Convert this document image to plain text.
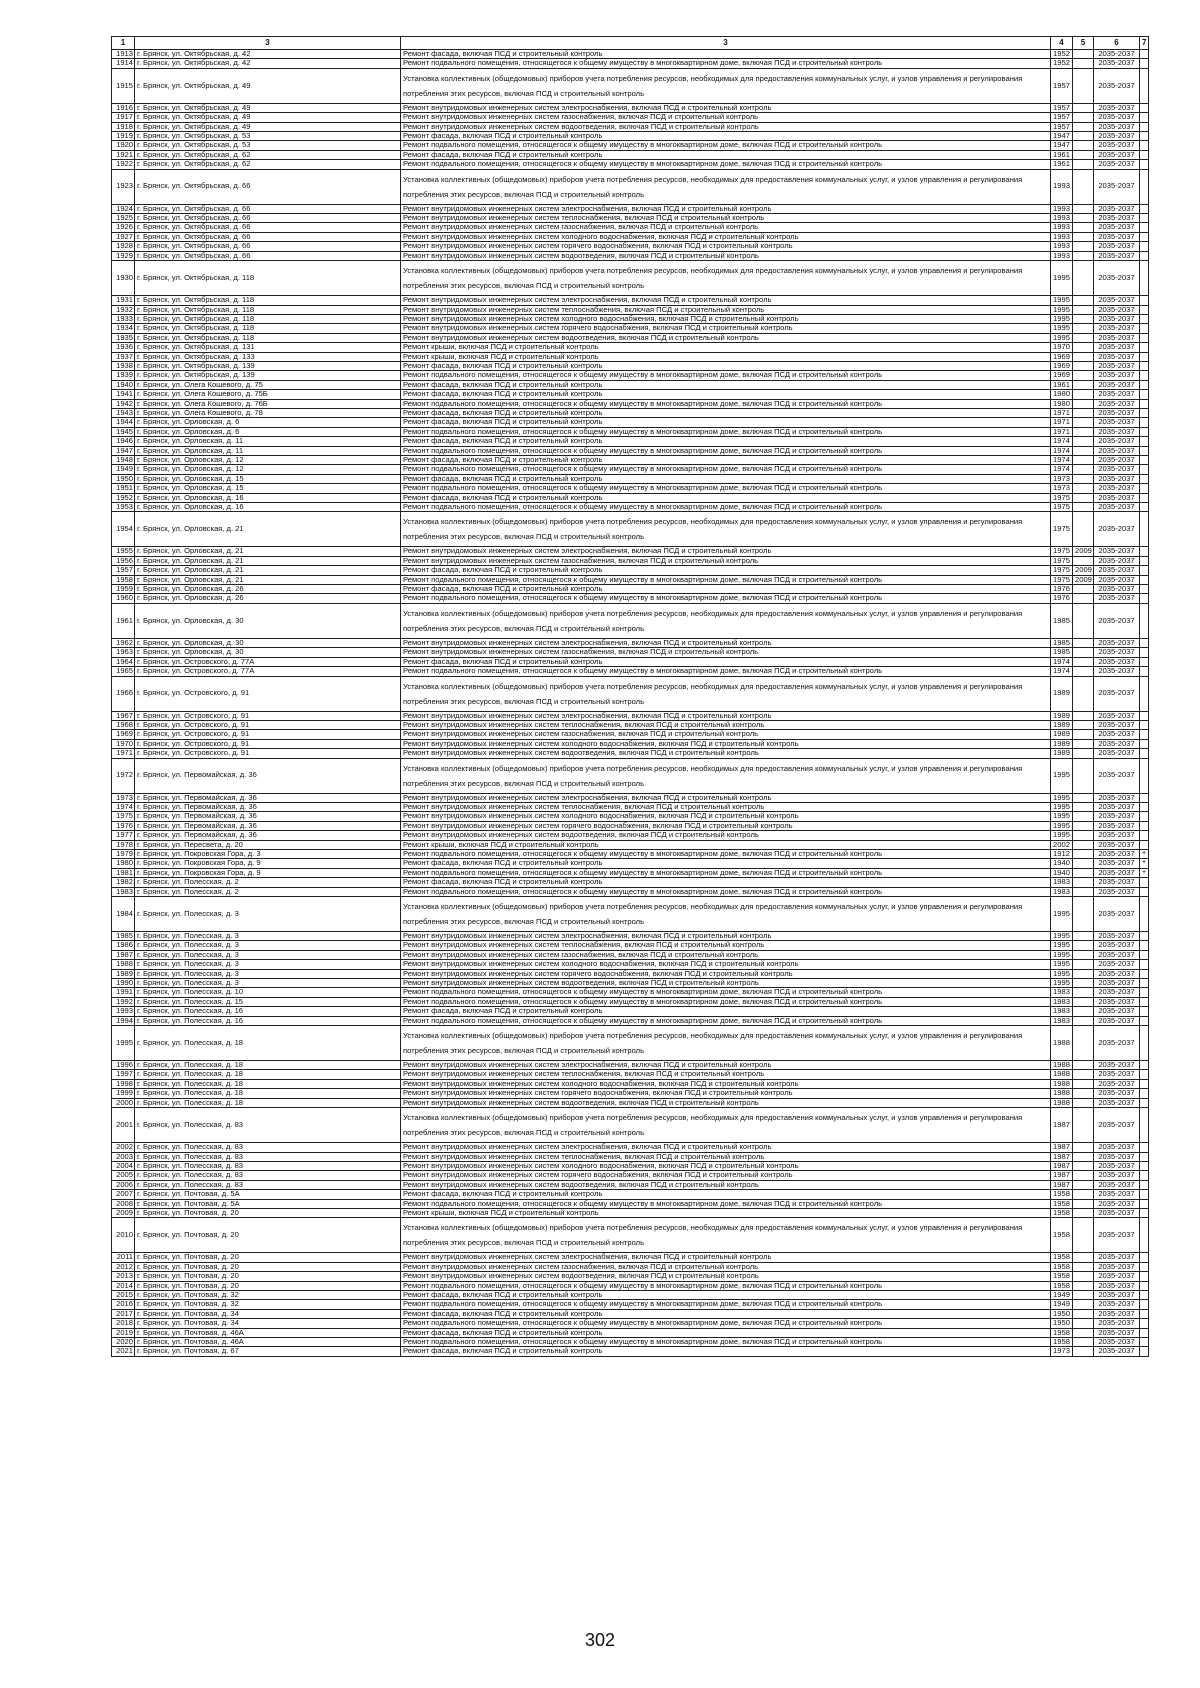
1	3	3	4	5	6	7
1913	г. Брянск, ул. Октябрьская, д. 42	Ремонт фасада, включая ПСД и строительный контроль	1952		2035-2037	
1914	г. Брянск, ул. Октябрьская, д. 42	Ремонт подвального помещения, относящегося к общему имуществу в многоквартирном доме, включая ПСД и строительный контроль	1952		2035-2037	
1915	г. Брянск, ул. Октябрьская, д. 49	Установка коллективных (общедомовых) приборов учета потребления ресурсов, необходимых для предоставления коммунальных услуг, и узлов управления и регулирования потребления этих ресурсов, включая ПСД и строительный контроль	1957		2035-2037	
1916	г. Брянск, ул. Октябрьская, д. 49	Ремонт внутридомовых инженерных систем электроснабжения, включая ПСД и строительный контроль	1957		2035-2037	
1917	г. Брянск, ул. Октябрьская, д. 49	Ремонт внутридомовых инженерных систем газоснабжения, включая ПСД и строительный контроль	1957		2035-2037	
1918	г. Брянск, ул. Октябрьская, д. 49	Ремонт внутридомовых инженерных систем водоотведения, включая ПСД и строительный контроль	1957		2035-2037	
1919	г. Брянск, ул. Октябрьская, д. 53	Ремонт фасада, включая ПСД и строительный контроль	1947		2035-2037	
1920	г. Брянск, ул. Октябрьская, д. 53	Ремонт подвального помещения, относящегося к общему имуществу в многоквартирном доме, включая ПСД и строительный контроль	1947		2035-2037	
1921	г. Брянск, ул. Октябрьская, д. 62	Ремонт фасада, включая ПСД и строительный контроль	1961		2035-2037	
1922	г. Брянск, ул. Октябрьская, д. 62	Ремонт подвального помещения, относящегося к общему имуществу в многоквартирном доме, включая ПСД и строительный контроль	1961		2035-2037	
1923	г. Брянск, ул. Октябрьская, д. 66	Установка коллективных (общедомовых) приборов учета потребления ресурсов, необходимых для предоставления коммунальных услуг, и узлов управления и регулирования потребления этих ресурсов, включая ПСД и строительный контроль	1993		2035-2037	
1924	г. Брянск, ул. Октябрьская, д. 66	Ремонт внутридомовых инженерных систем электроснабжения, включая ПСД и строительный контроль	1993		2035-2037	
1925	г. Брянск, ул. Октябрьская, д. 66	Ремонт внутридомовых инженерных систем теплоснабжения, включая ПСД и строительный контроль	1993		2035-2037	
1926	г. Брянск, ул. Октябрьская, д. 66	Ремонт внутридомовых инженерных систем газоснабжения, включая ПСД и строительный контроль	1993		2035-2037	
1927	г. Брянск, ул. Октябрьская, д. 66	Ремонт внутридомовых инженерных систем холодного водоснабжения, включая ПСД и строительный контроль	1993		2035-2037	
1928	г. Брянск, ул. Октябрьская, д. 66	Ремонт внутридомовых инженерных систем горячего водоснабжения, включая ПСД и строительный контроль	1993		2035-2037	
1929	г. Брянск, ул. Октябрьская, д. 66	Ремонт внутридомовых инженерных систем водоотведения, включая ПСД и строительный контроль	1993		2035-2037	
1930	г. Брянск, ул. Октябрьская, д. 118	Установка коллективных (общедомовых) приборов учета потребления ресурсов, необходимых для предоставления коммунальных услуг, и узлов управления и регулирования потребления этих ресурсов, включая ПСД и строительный контроль	1995		2035-2037	
1931	г. Брянск, ул. Октябрьская, д. 118	Ремонт внутридомовых инженерных систем электроснабжения, включая ПСД и строительный контроль	1995		2035-2037	
1932	г. Брянск, ул. Октябрьская, д. 118	Ремонт внутридомовых инженерных систем теплоснабжения, включая ПСД и строительный контроль	1995		2035-2037	
1933	г. Брянск, ул. Октябрьская, д. 118	Ремонт внутридомовых инженерных систем холодного водоснабжения, включая ПСД и строительный контроль	1995		2035-2037	
1934	г. Брянск, ул. Октябрьская, д. 118	Ремонт внутридомовых инженерных систем горячего водоснабжения, включая ПСД и строительный контроль	1995		2035-2037	
1935	г. Брянск, ул. Октябрьская, д. 118	Ремонт внутридомовых инженерных систем водоотведения, включая ПСД и строительный контроль	1995		2035-2037	
1936	г. Брянск, ул. Октябрьская, д. 131	Ремонт крыши, включая ПСД и строительный контроль	1970		2035-2037	
1937	г. Брянск, ул. Октябрьская, д. 133	Ремонт крыши, включая ПСД и строительный контроль	1969		2035-2037	
1938	г. Брянск, ул. Октябрьская, д. 139	Ремонт фасада, включая ПСД и строительный контроль	1969		2035-2037	
1939	г. Брянск, ул. Октябрьская, д. 139	Ремонт подвального помещения, относящегося к общему имуществу в многоквартирном доме, включая ПСД и строительный контроль	1969		2035-2037	
1940	г. Брянск, ул. Олега Кошевого, д. 75	Ремонт фасада, включая ПСД и строительный контроль	1961		2035-2037	
1941	г. Брянск, ул. Олега Кошевого, д. 75Б	Ремонт фасада, включая ПСД и строительный контроль	1980		2035-2037	
1942	г. Брянск, ул. Олега Кошевого, д. 76Б	Ремонт подвального помещения, относящегося к общему имуществу в многоквартирном доме, включая ПСД и строительный контроль	1980		2035-2037	
1943	г. Брянск, ул. Олега Кошевого, д. 78	Ремонт фасада, включая ПСД и строительный контроль	1971		2035-2037	
1944	г. Брянск, ул. Орловская, д. 6	Ремонт фасада, включая ПСД и строительный контроль	1971		2035-2037	
1945	г. Брянск, ул. Орловская, д. 6	Ремонт подвального помещения, относящегося к общему имуществу в многоквартирном доме, включая ПСД и строительный контроль	1971		2035-2037	
1946	г. Брянск, ул. Орловская, д. 11	Ремонт фасада, включая ПСД и строительный контроль	1974		2035-2037	
1947	г. Брянск, ул. Орловская, д. 11	Ремонт подвального помещения, относящегося к общему имуществу в многоквартирном доме, включая ПСД и строительный контроль	1974		2035-2037	
1948	г. Брянск, ул. Орловская, д. 12	Ремонт фасада, включая ПСД и строительный контроль	1974		2035-2037	
1949	г. Брянск, ул. Орловская, д. 12	Ремонт подвального помещения, относящегося к общему имуществу в многоквартирном доме, включая ПСД и строительный контроль	1974		2035-2037	
1950	г. Брянск, ул. Орловская, д. 15	Ремонт фасада, включая ПСД и строительный контроль	1973		2035-2037	
1951	г. Брянск, ул. Орловская, д. 15	Ремонт подвального помещения, относящегося к общему имуществу в многоквартирном доме, включая ПСД и строительный контроль	1973		2035-2037	
1952	г. Брянск, ул. Орловская, д. 16	Ремонт фасада, включая ПСД и строительный контроль	1975		2035-2037	
1953	г. Брянск, ул. Орловская, д. 16	Ремонт подвального помещения, относящегося к общему имуществу в многоквартирном доме, включая ПСД и строительный контроль	1975		2035-2037	
1954	г. Брянск, ул. Орловская, д. 21	Установка коллективных (общедомовых) приборов учета потребления ресурсов, необходимых для предоставления коммунальных услуг, и узлов управления и регулирования потребления этих ресурсов, включая ПСД и строительный контроль	1975		2035-2037	
1955	г. Брянск, ул. Орловская, д. 21	Ремонт внутридомовых инженерных систем электроснабжения, включая ПСД и строительный контроль	1975	2009	2035-2037	
1956	г. Брянск, ул. Орловская, д. 21	Ремонт внутридомовых инженерных систем газоснабжения, включая ПСД и строительный контроль	1975		2035-2037	
1957	г. Брянск, ул. Орловская, д. 21	Ремонт фасада, включая ПСД и строительный контроль	1975	2009	2035-2037	
1958	г. Брянск, ул. Орловская, д. 21	Ремонт подвального помещения, относящегося к общему имуществу в многоквартирном доме, включая ПСД и строительный контроль	1975	2009	2035-2037	
1959	г. Брянск, ул. Орловская, д. 26	Ремонт фасада, включая ПСД и строительный контроль	1976		2035-2037	
1960	г. Брянск, ул. Орловская, д. 26	Ремонт подвального помещения, относящегося к общему имуществу в многоквартирном доме, включая ПСД и строительный контроль	1976		2035-2037	
1961	г. Брянск, ул. Орловская, д. 30	Установка коллективных (общедомовых) приборов учета потребления ресурсов, необходимых для предоставления коммунальных услуг, и узлов управления и регулирования потребления этих ресурсов, включая ПСД и строительный контроль	1985		2035-2037	
1962	г. Брянск, ул. Орловская, д. 30	Ремонт внутридомовых инженерных систем электроснабжения, включая ПСД и строительный контроль	1985		2035-2037	
1963	г. Брянск, ул. Орловская, д. 30	Ремонт внутридомовых инженерных систем газоснабжения, включая ПСД и строительный контроль	1985		2035-2037	
1964	г. Брянск, ул. Островского, д. 77А	Ремонт фасада, включая ПСД и строительный контроль	1974		2035-2037	
1965	г. Брянск, ул. Островского, д. 77А	Ремонт подвального помещения, относящегося к общему имуществу в многоквартирном доме, включая ПСД и строительный контроль	1974		2035-2037	
1966	г. Брянск, ул. Островского, д. 91	Установка коллективных (общедомовых) приборов учета потребления ресурсов, необходимых для предоставления коммунальных услуг, и узлов управления и регулирования потребления этих ресурсов, включая ПСД и строительный контроль	1989		2035-2037	
1967	г. Брянск, ул. Островского, д. 91	Ремонт внутридомовых инженерных систем электроснабжения, включая ПСД и строительный контроль	1989		2035-2037	
1968	г. Брянск, ул. Островского, д. 91	Ремонт внутридомовых инженерных систем теплоснабжения, включая ПСД и строительный контроль	1989		2035-2037	
1969	г. Брянск, ул. Островского, д. 91	Ремонт внутридомовых инженерных систем газоснабжения, включая ПСД и строительный контроль	1989		2035-2037	
1970	г. Брянск, ул. Островского, д. 91	Ремонт внутридомовых инженерных систем холодного водоснабжения, включая ПСД и строительный контроль	1989		2035-2037	
1971	г. Брянск, ул. Островского, д. 91	Ремонт внутридомовых инженерных систем водоотведения, включая ПСД и строительный контроль	1989		2035-2037	
1972	г. Брянск, ул. Первомайская, д. 36	Установка коллективных (общедомовых) приборов учета потребления ресурсов, необходимых для предоставления коммунальных услуг, и узлов управления и регулирования потребления этих ресурсов, включая ПСД и строительный контроль	1995		2035-2037	
1973	г. Брянск, ул. Первомайская, д. 36	Ремонт внутридомовых инженерных систем электроснабжения, включая ПСД и строительный контроль	1995		2035-2037	
1974	г. Брянск, ул. Первомайская, д. 36	Ремонт внутридомовых инженерных систем теплоснабжения, включая ПСД и строительный контроль	1995		2035-2037	
1975	г. Брянск, ул. Первомайская, д. 36	Ремонт внутридомовых инженерных систем холодного водоснабжения, включая ПСД и строительный контроль	1995		2035-2037	
1976	г. Брянск, ул. Первомайская, д. 36	Ремонт внутридомовых инженерных систем горячего водоснабжения, включая ПСД и строительный контроль	1995		2035-2037	
1977	г. Брянск, ул. Первомайская, д. 36	Ремонт внутридомовых инженерных систем водоотведения, включая ПСД и строительный контроль	1995		2035-2037	
1978	г. Брянск, ул. Пересвета, д. 20	Ремонт крыши, включая ПСД и строительный контроль	2002		2035-2037	
1979	г. Брянск, ул. Покровская Гора, д. 3	Ремонт подвального помещения, относящегося к общему имуществу в многоквартирном доме, включая ПСД и строительный контроль	1912		2035-2037	+
1980	г. Брянск, ул. Покровская Гора, д. 9	Ремонт фасада, включая ПСД и строительный контроль	1940		2035-2037	+
1981	г. Брянск, ул. Покровская Гора, д. 9	Ремонт подвального помещения, относящегося к общему имуществу в многоквартирном доме, включая ПСД и строительный контроль	1940		2035-2037	+
1982	г. Брянск, ул. Полесская, д. 2	Ремонт фасада, включая ПСД и строительный контроль	1983		2035-2037	
1983	г. Брянск, ул. Полесская, д. 2	Ремонт подвального помещения, относящегося к общему имуществу в многоквартирном доме, включая ПСД и строительный контроль	1983		2035-2037	
1984	г. Брянск, ул. Полесская, д. 3	Установка коллективных (общедомовых) приборов учета потребления ресурсов, необходимых для предоставления коммунальных услуг, и узлов управления и регулирования потребления этих ресурсов, включая ПСД и строительный контроль	1995		2035-2037	
1985	г. Брянск, ул. Полесская, д. 3	Ремонт внутридомовых инженерных систем электроснабжения, включая ПСД и строительный контроль	1995		2035-2037	
1986	г. Брянск, ул. Полесская, д. 3	Ремонт внутридомовых инженерных систем теплоснабжения, включая ПСД и строительный контроль	1995		2035-2037	
1987	г. Брянск, ул. Полесская, д. 3	Ремонт внутридомовых инженерных систем газоснабжения, включая ПСД и строительный контроль	1995		2035-2037	
1988	г. Брянск, ул. Полесская, д. 3	Ремонт внутридомовых инженерных систем холодного водоснабжения, включая ПСД и строительный контроль	1995		2035-2037	
1989	г. Брянск, ул. Полесская, д. 3	Ремонт внутридомовых инженерных систем горячего водоснабжения, включая ПСД и строительный контроль	1995		2035-2037	
1990	г. Брянск, ул. Полесская, д. 3	Ремонт внутридомовых инженерных систем водоотведения, включая ПСД и строительный контроль	1995		2035-2037	
1991	г. Брянск, ул. Полесская, д. 10	Ремонт подвального помещения, относящегося к общему имуществу в многоквартирном доме, включая ПСД и строительный контроль	1983		2035-2037	
1992	г. Брянск, ул. Полесская, д. 15	Ремонт подвального помещения, относящегося к общему имуществу в многоквартирном доме, включая ПСД и строительный контроль	1983		2035-2037	
1993	г. Брянск, ул. Полесская, д. 16	Ремонт фасада, включая ПСД и строительный контроль	1983		2035-2037	
1994	г. Брянск, ул. Полесская, д. 16	Ремонт подвального помещения, относящегося к общему имуществу в многоквартирном доме, включая ПСД и строительный контроль	1983		2035-2037	
1995	г. Брянск, ул. Полесская, д. 18	Установка коллективных (общедомовых) приборов учета потребления ресурсов, необходимых для предоставления коммунальных услуг, и узлов управления и регулирования потребления этих ресурсов, включая ПСД и строительный контроль	1988		2035-2037	
1996	г. Брянск, ул. Полесская, д. 18	Ремонт внутридомовых инженерных систем электроснабжения, включая ПСД и строительный контроль	1988		2035-2037	
1997	г. Брянск, ул. Полесская, д. 18	Ремонт внутридомовых инженерных систем теплоснабжения, включая ПСД и строительный контроль	1988		2035-2037	
1998	г. Брянск, ул. Полесская, д. 18	Ремонт внутридомовых инженерных систем холодного водоснабжения, включая ПСД и строительный контроль	1988		2035-2037	
1999	г. Брянск, ул. Полесская, д. 18	Ремонт внутридомовых инженерных систем горячего водоснабжения, включая ПСД и строительный контроль	1988		2035-2037	
2000	г. Брянск, ул. Полесская, д. 18	Ремонт внутридомовых инженерных систем водоотведения, включая ПСД и строительный контроль	1988		2035-2037	
2001	г. Брянск, ул. Полесская, д. 83	Установка коллективных (общедомовых) приборов учета потребления ресурсов, необходимых для предоставления коммунальных услуг, и узлов управления и регулирования потребления этих ресурсов, включая ПСД и строительный контроль	1987		2035-2037	
2002	г. Брянск, ул. Полесская, д. 83	Ремонт внутридомовых инженерных систем электроснабжения, включая ПСД и строительный контроль	1987		2035-2037	
2003	г. Брянск, ул. Полесская, д. 83	Ремонт внутридомовых инженерных систем теплоснабжения, включая ПСД и строительный контроль	1987		2035-2037	
2004	г. Брянск, ул. Полесская, д. 83	Ремонт внутридомовых инженерных систем холодного водоснабжения, включая ПСД и строительный контроль	1987		2035-2037	
2005	г. Брянск, ул. Полесская, д. 83	Ремонт внутридомовых инженерных систем горячего водоснабжения, включая ПСД и строительный контроль	1987		2035-2037	
2006	г. Брянск, ул. Полесская, д. 83	Ремонт внутридомовых инженерных систем водоотведения, включая ПСД и строительный контроль	1987		2035-2037	
2007	г. Брянск, ул. Почтовая, д. 5А	Ремонт фасада, включая ПСД и строительный контроль	1958		2035-2037	
2008	г. Брянск, ул. Почтовая, д. 5А	Ремонт подвального помещения, относящегося к общему имуществу в многоквартирном доме, включая ПСД и строительный контроль	1958		2035-2037	
2009	г. Брянск, ул. Почтовая, д. 20	Ремонт крыши, включая ПСД и строительный контроль	1958		2035-2037	
2010	г. Брянск, ул. Почтовая, д. 20	Установка коллективных (общедомовых) приборов учета потребления ресурсов, необходимых для предоставления коммунальных услуг, и узлов управления и регулирования потребления этих ресурсов, включая ПСД и строительный контроль	1958		2035-2037	
2011	г. Брянск, ул. Почтовая, д. 20	Ремонт внутридомовых инженерных систем электроснабжения, включая ПСД и строительный контроль	1958		2035-2037	
2012	г. Брянск, ул. Почтовая, д. 20	Ремонт внутридомовых инженерных систем газоснабжения, включая ПСД и строительный контроль	1958		2035-2037	
2013	г. Брянск, ул. Почтовая, д. 20	Ремонт внутридомовых инженерных систем водоотведения, включая ПСД и строительный контроль	1958		2035-2037	
2014	г. Брянск, ул. Почтовая, д. 20	Ремонт подвального помещения, относящегося к общему имуществу в многоквартирном доме, включая ПСД и строительный контроль	1958		2035-2037	
2015	г. Брянск, ул. Почтовая, д. 32	Ремонт фасада, включая ПСД и строительный контроль	1949		2035-2037	
2016	г. Брянск, ул. Почтовая, д. 32	Ремонт подвального помещения, относящегося к общему имуществу в многоквартирном доме, включая ПСД и строительный контроль	1949		2035-2037	
2017	г. Брянск, ул. Почтовая, д. 34	Ремонт фасада, включая ПСД и строительный контроль	1950		2035-2037	
2018	г. Брянск, ул. Почтовая, д. 34	Ремонт подвального помещения, относящегося к общему имуществу в многоквартирном доме, включая ПСД и строительный контроль	1950		2035-2037	
2019	г. Брянск, ул. Почтовая, д. 46А	Ремонт фасада, включая ПСД и строительный контроль	1958		2035-2037	
2020	г. Брянск, ул. Почтовая, д. 46А	Ремонт подвального помещения, относящегося к общему имуществу в многоквартирном доме, включая ПСД и строительный контроль	1958		2035-2037	
2021	г. Брянск, ул. Почтовая, д. 67	Ремонт фасада, включая ПСД и строительный контроль	1973		2035-2037	
302
